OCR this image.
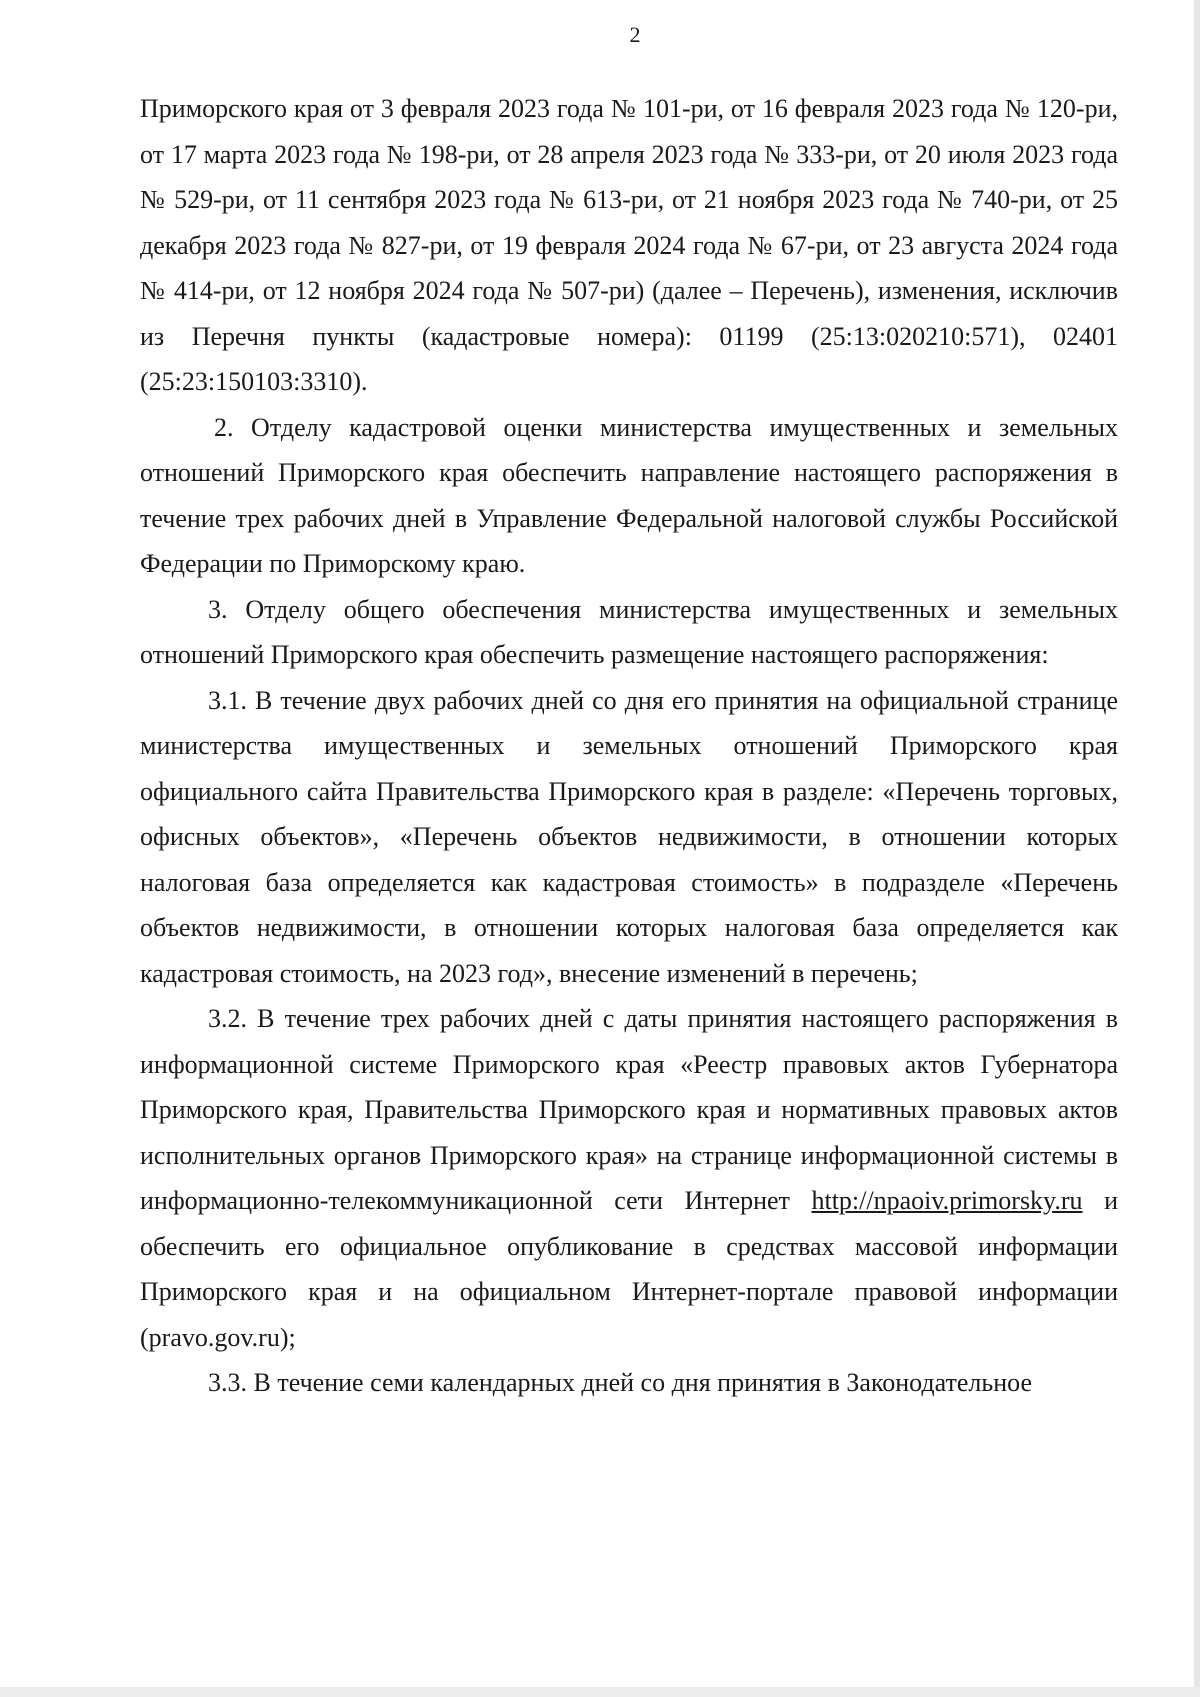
2

Приморского края от 3 февраля 2023 года № 101-ри, от 16 февраля 2023 года № 120-ри, от 17 марта 2023 года № 198-ри, от 28 апреля 2023 года № 333-ри, от 20 июля 2023 года № 529-ри, от 11 сентября 2023 года № 613-ри, от 21 ноября 2023 года № 740-ри, от 25 декабря 2023 года № 827-ри, от 19 февраля 2024 года № 67-ри, от 23 августа 2024 года № 414-ри, от 12 ноября 2024 года № 507-ри) (далее – Перечень), изменения, исключив из Перечня пункты (кадастровые номера): 01199 (25:13:020210:571), 02401 (25:23:150103:3310).

2. Отделу кадастровой оценки министерства имущественных и земельных отношений Приморского края обеспечить направление настоящего распоряжения в течение трех рабочих дней в Управление Федеральной налоговой службы Российской Федерации по Приморскому краю.

3. Отделу общего обеспечения министерства имущественных и земельных отношений Приморского края обеспечить размещение настоящего распоряжения:

3.1. В течение двух рабочих дней со дня его принятия на официальной странице министерства имущественных и земельных отношений Приморского края официального сайта Правительства Приморского края в разделе: «Перечень торговых, офисных объектов», «Перечень объектов недвижимости, в отношении которых налоговая база определяется как кадастровая стоимость» в подразделе «Перечень объектов недвижимости, в отношении которых налоговая база определяется как кадастровая стоимость, на 2023 год», внесение изменений в перечень;

3.2. В течение трех рабочих дней с даты принятия настоящего распоряжения в информационной системе Приморского края «Реестр правовых актов Губернатора Приморского края, Правительства Приморского края и нормативных правовых актов исполнительных органов Приморского края» на странице информационной системы в информационно-телекоммуникационной сети Интернет http://npaoiv.primorsky.ru и обеспечить его официальное опубликование в средствах массовой информации Приморского края и на официальном Интернет-портале правовой информации (pravo.gov.ru);

3.3. В течение семи календарных дней со дня принятия в Законодательное
